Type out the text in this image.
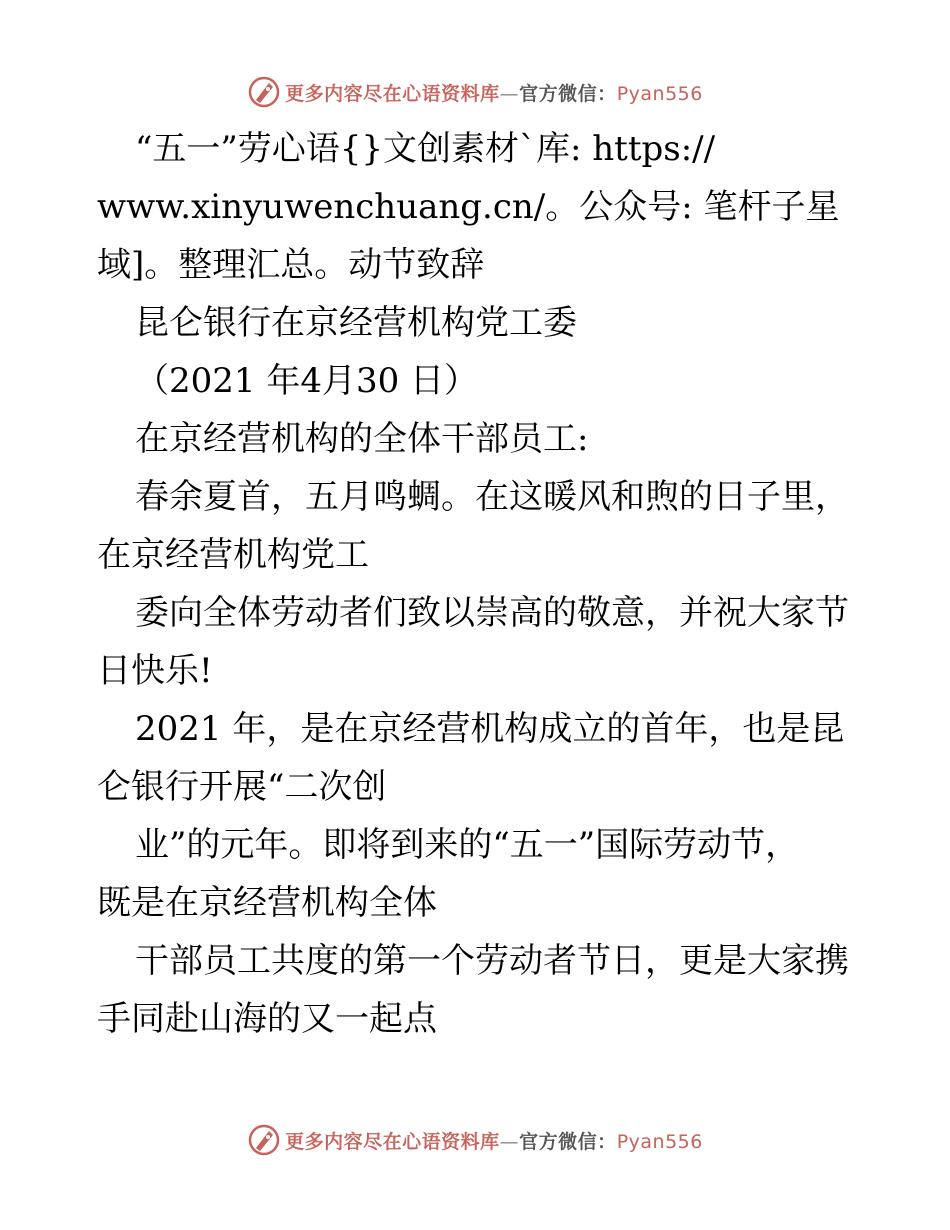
更多内容尽在心语资料库—官方微信：Pyan556
“五一”劳心语{}文创素材`库: https://
www.xinyuwenchuang.cn/。公众号: 笔杆子星
域]。整理汇总。动节致辞
昆仑银行在京经营机构党工委
（2021 年4月30 日）
在京经营机构的全体干部员工:
春余夏首，五月鸣蜩。在这暖风和煦的日子里，
在京经营机构党工
委向全体劳动者们致以崇高的敬意，并祝大家节
日快乐!
2021 年，是在京经营机构成立的首年，也是昆
仑银行开展“二次创
业”的元年。即将到来的“五一”国际劳动节，
既是在京经营机构全体
干部员工共度的第一个劳动者节日，更是大家携
手同赴山海的又一起点
更多内容尽在心语资料库—官方微信：Pyan556
